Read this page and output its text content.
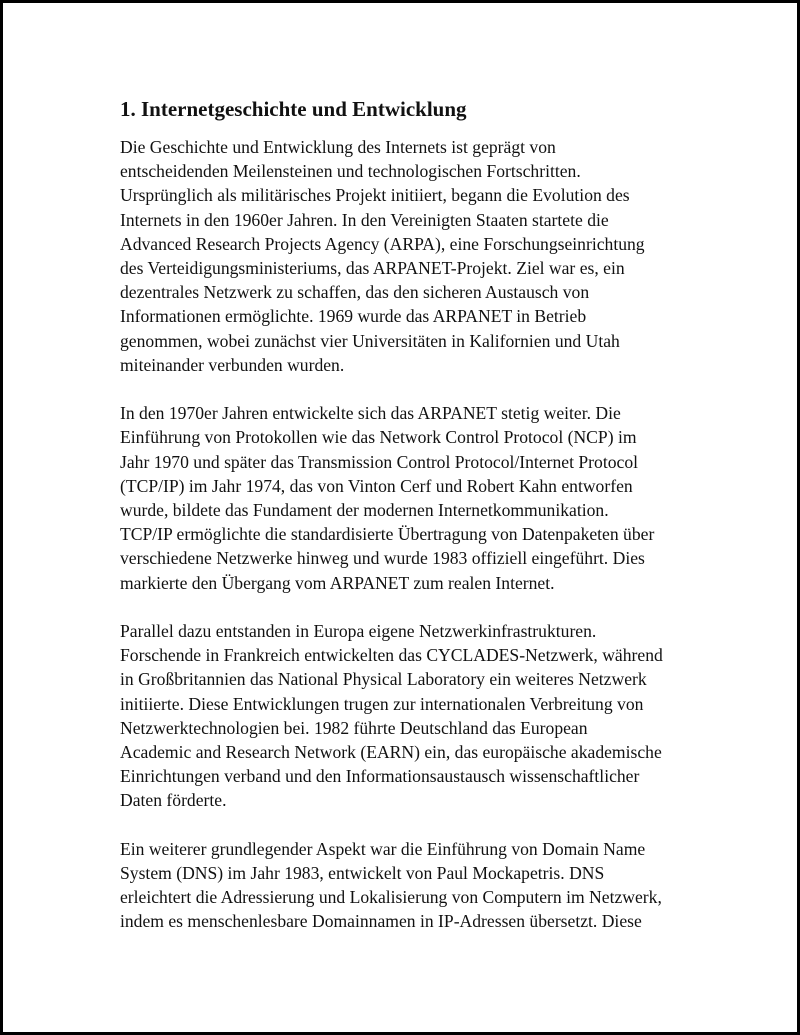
1. Internetgeschichte und Entwicklung

Die Geschichte und Entwicklung des Internets ist geprägt von
entscheidenden Meilensteinen und technologischen Fortschritten.
Ursprünglich als militärisches Projekt initiiert, begann die Evolution des
Internets in den 1960er Jahren. In den Vereinigten Staaten startete die
Advanced Research Projects Agency (ARPA), eine Forschungseinrichtung
des Verteidigungsministeriums, das ARPANET-Projekt. Ziel war es, ein
dezentrales Netzwerk zu schaffen, das den sicheren Austausch von
Informationen ermöglichte. 1969 wurde das ARPANET in Betrieb
genommen, wobei zunächst vier Universitäten in Kalifornien und Utah
miteinander verbunden wurden.

In den 1970er Jahren entwickelte sich das ARPANET stetig weiter. Die
Einführung von Protokollen wie das Network Control Protocol (NCP) im
Jahr 1970 und später das Transmission Control Protocol/Internet Protocol
(TCP/IP) im Jahr 1974, das von Vinton Cerf und Robert Kahn entworfen
wurde, bildete das Fundament der modernen Internetkommunikation.
TCP/IP ermöglichte die standardisierte Übertragung von Datenpaketen über
verschiedene Netzwerke hinweg und wurde 1983 offiziell eingeführt. Dies
markierte den Übergang vom ARPANET zum realen Internet.

Parallel dazu entstanden in Europa eigene Netzwerkinfrastrukturen.
Forschende in Frankreich entwickelten das CYCLADES-Netzwerk, während
in Großbritannien das National Physical Laboratory ein weiteres Netzwerk
initiierte. Diese Entwicklungen trugen zur internationalen Verbreitung von
Netzwerktechnologien bei. 1982 führte Deutschland das European
Academic and Research Network (EARN) ein, das europäische akademische
Einrichtungen verband und den Informationsaustausch wissenschaftlicher
Daten förderte.

Ein weiterer grundlegender Aspekt war die Einführung von Domain Name
System (DNS) im Jahr 1983, entwickelt von Paul Mockapetris. DNS
erleichtert die Adressierung und Lokalisierung von Computern im Netzwerk,
indem es menschenlesbare Domainnamen in IP-Adressen übersetzt. Diese
